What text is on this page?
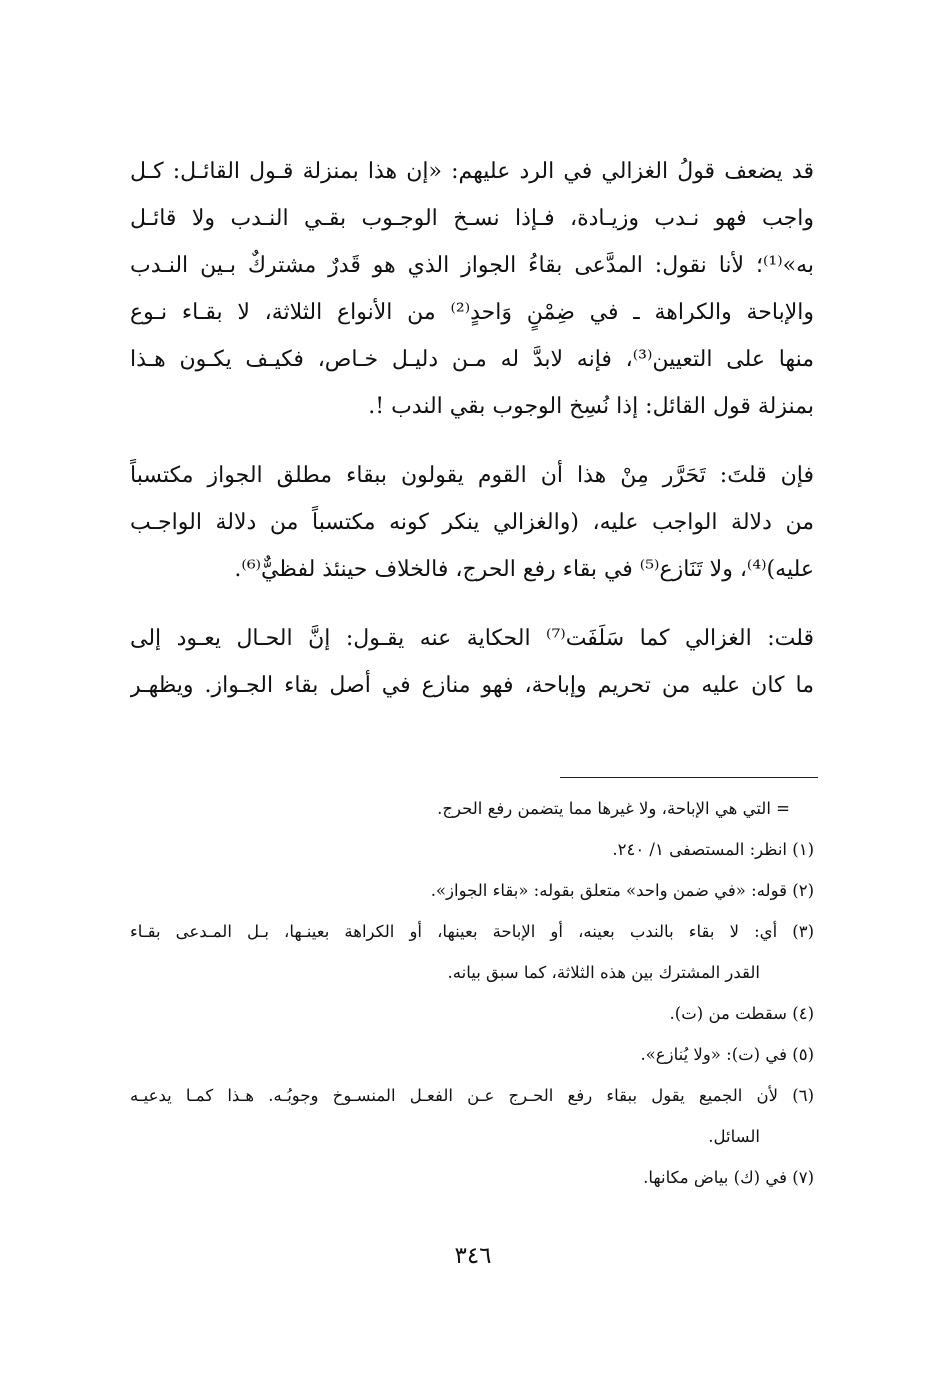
قد يضعف قولُ الغزالي في الرد عليهم: «إن هذا بمنزلة قـول القائـل: كـل
واجب فهو نـدب وزيـادة، فـإذا نسـخ الوجـوب بقـي النـدب ولا قائـل
به»⁽¹⁾؛ لأنا نقول: المدَّعى بقاءُ الجواز الذي هو قَدرٌ مشتركٌ بـين النـدب
والإباحة والكراهة ـ في ضِمْنٍ وَاحدٍ⁽²⁾ من الأنواع الثلاثة، لا بقـاء نـوع
منها على التعيين⁽³⁾، فإنه لابدَّ له مـن دليـل خـاص، فكيـف يكـون هـذا
بمنزلة قول القائل: إذا نُسِخ الوجوب بقي الندب !.
فإن قلتَ: تَحَرَّر مِنْ هذا أن القوم يقولون ببقاء مطلق الجواز مكتسباً
من دلالة الواجب عليه، (والغزالي ينكر كونه مكتسباً من دلالة الواجـب
عليه)⁽⁴⁾، ولا تَنَازع⁽⁵⁾ في بقاء رفع الحرج، فالخلاف حينئذ لفظيٌّ⁽⁶⁾.
قلت: الغزالي كما سَلَفَت⁽⁷⁾ الحكاية عنه يقـول: إنَّ الحـال يعـود إلى
ما كان عليه من تحريم وإباحة، فهو منازع في أصل بقاء الجـواز. ويظهـر
= التي هي الإباحة، ولا غيرها مما يتضمن رفع الحرج.
(١) انظر: المستصفى ١/ ٢٤٠.
(٢) قوله: «في ضمن واحد» متعلق بقوله: «بقاء الجواز».
(٣) أي: لا بقاء بالندب بعينه، أو الإباحة بعينها، أو الكراهة بعينـها، بـل المـدعى بقـاء
القدر المشترك بين هذه الثلاثة، كما سبق بيانه.
(٤) سقطت من (ت).
(٥) في (ت): «ولا يُنازع».
(٦) لأن الجميع يقول ببقاء رفع الحـرج عـن الفعـل المنسـوخ وجوبُـه. هـذا كمـا يدعيـه
السائل.
(٧) في (ك) بياض مكانها.
٣٤٦
